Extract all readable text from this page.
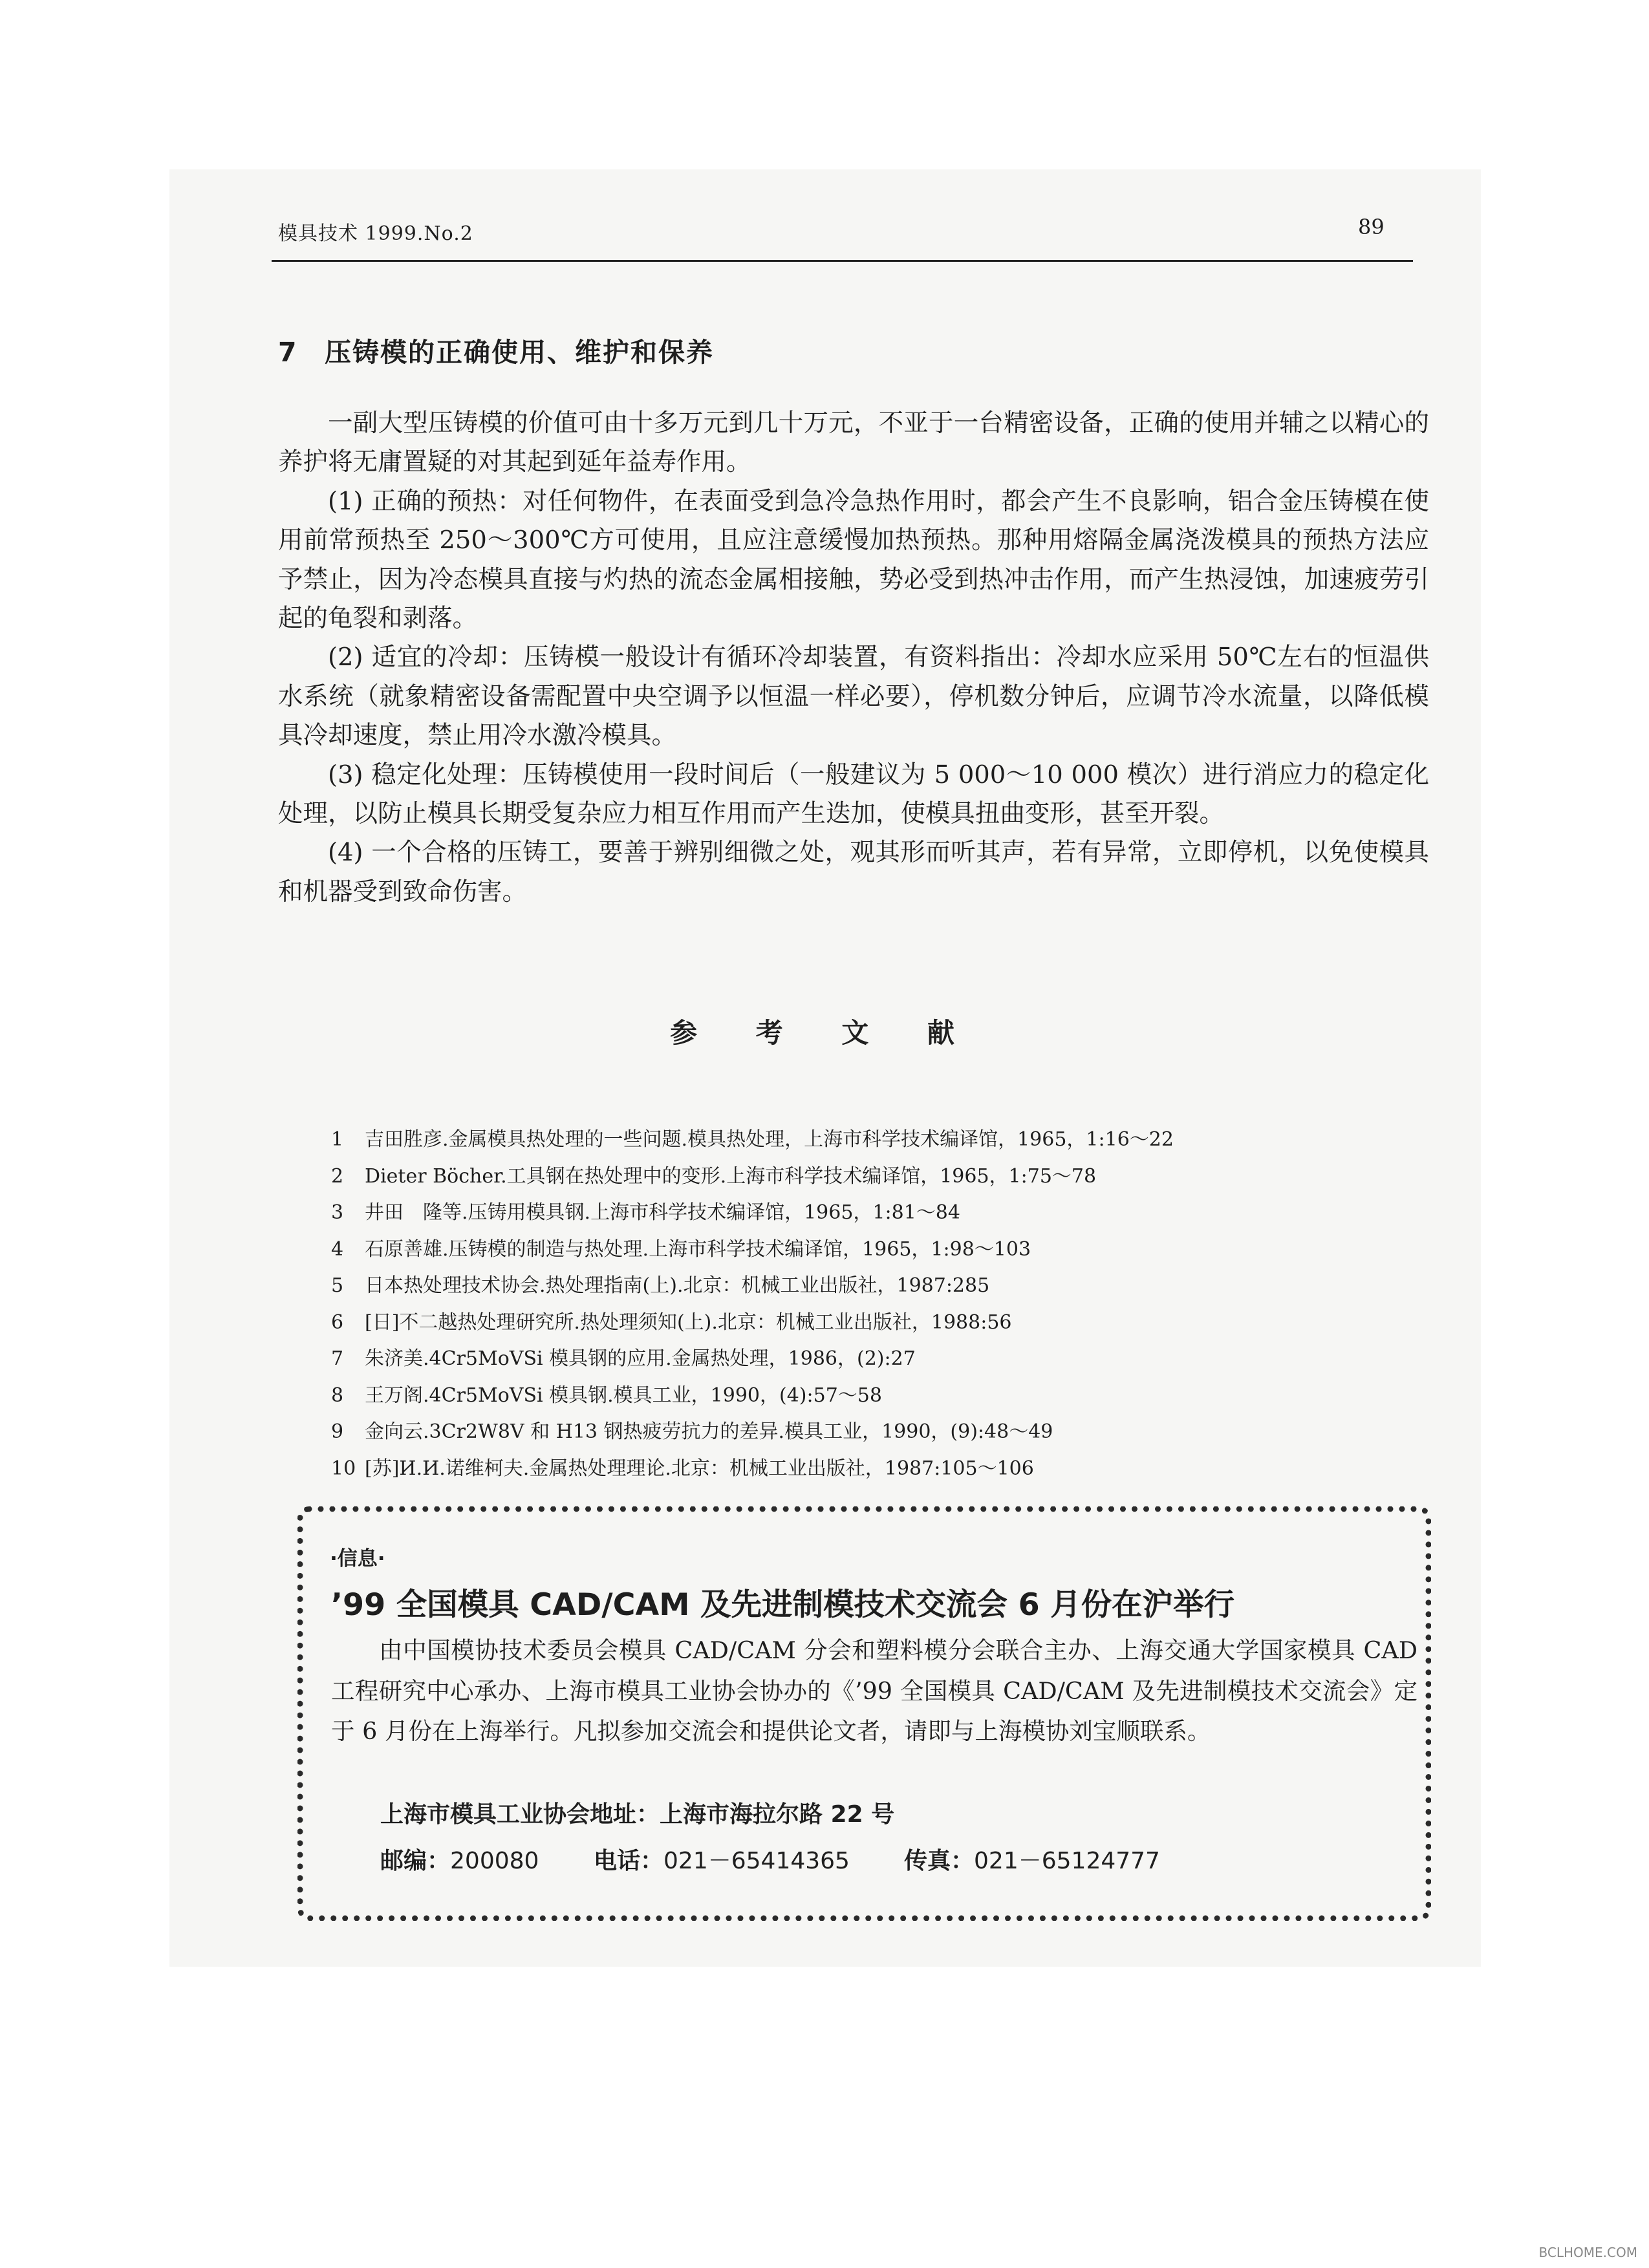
模具技术 1999.No.2	89
7 压铸模的正确使用、维护和保养

一副大型压铸模的价值可由十多万元到几十万元，不亚于一台精密设备，正确的使用并辅之以精心的养护将无庸置疑的对其起到延年益寿作用。

(1) 正确的预热：对任何物件，在表面受到急冷急热作用时，都会产生不良影响，铝合金压铸模在使用前常预热至 250～300℃方可使用，且应注意缓慢加热预热。那种用熔隔金属浇泼模具的预热方法应予禁止，因为冷态模具直接与灼热的流态金属相接触，势必受到热冲击作用，而产生热浸蚀，加速疲劳引起的龟裂和剥落。

(2) 适宜的冷却：压铸模一般设计有循环冷却装置，有资料指出：冷却水应采用 50℃左右的恒温供水系统（就象精密设备需配置中央空调予以恒温一样必要），停机数分钟后，应调节冷水流量，以降低模具冷却速度，禁止用冷水激冷模具。

(3) 稳定化处理：压铸模使用一段时间后（一般建议为 5 000～10 000 模次）进行消应力的稳定化处理，以防止模具长期受复杂应力相互作用而产生迭加，使模具扭曲变形，甚至开裂。

(4) 一个合格的压铸工，要善于辨别细微之处，观其形而听其声，若有异常，立即停机，以免使模具和机器受到致命伤害。

参 考 文 献
1 吉田胜彦.金属模具热处理的一些问题.模具热处理，上海市科学技术编译馆，1965，1:16～22
2 Dieter Böcher.工具钢在热处理中的变形.上海市科学技术编译馆，1965，1:75～78
3 井田　隆等.压铸用模具钢.上海市科学技术编译馆，1965，1:81～84
4 石原善雄.压铸模的制造与热处理.上海市科学技术编译馆，1965，1:98～103
5 日本热处理技术协会.热处理指南(上).北京：机械工业出版社，1987:285
6 [日]不二越热处理研究所.热处理须知(上).北京：机械工业出版社，1988:56
7 朱济美.4Cr5MoVSi 模具钢的应用.金属热处理，1986，(2):27
8 王万阁.4Cr5MoVSi 模具钢.模具工业，1990，(4):57～58
9 金向云.3Cr2W8V 和 H13 钢热疲劳抗力的差异.模具工业，1990，(9):48～49
10 [苏]И.И.诺维柯夫.金属热处理理论.北京：机械工业出版社，1987:105～106
·信息·
’99 全国模具 CAD/CAM 及先进制模技术交流会 6 月份在沪举行

由中国模协技术委员会模具 CAD/CAM 分会和塑料模分会联合主办、上海交通大学国家模具 CAD 工程研究中心承办、上海市模具工业协会协办的《’99 全国模具 CAD/CAM 及先进制模技术交流会》定于 6 月份在上海举行。凡拟参加交流会和提供论文者，请即与上海模协刘宝顺联系。

上海市模具工业协会地址：上海市海拉尔路 22 号
邮编：200080 电话：021－65414365 传真：021－65124777
BCLHOME.COM
